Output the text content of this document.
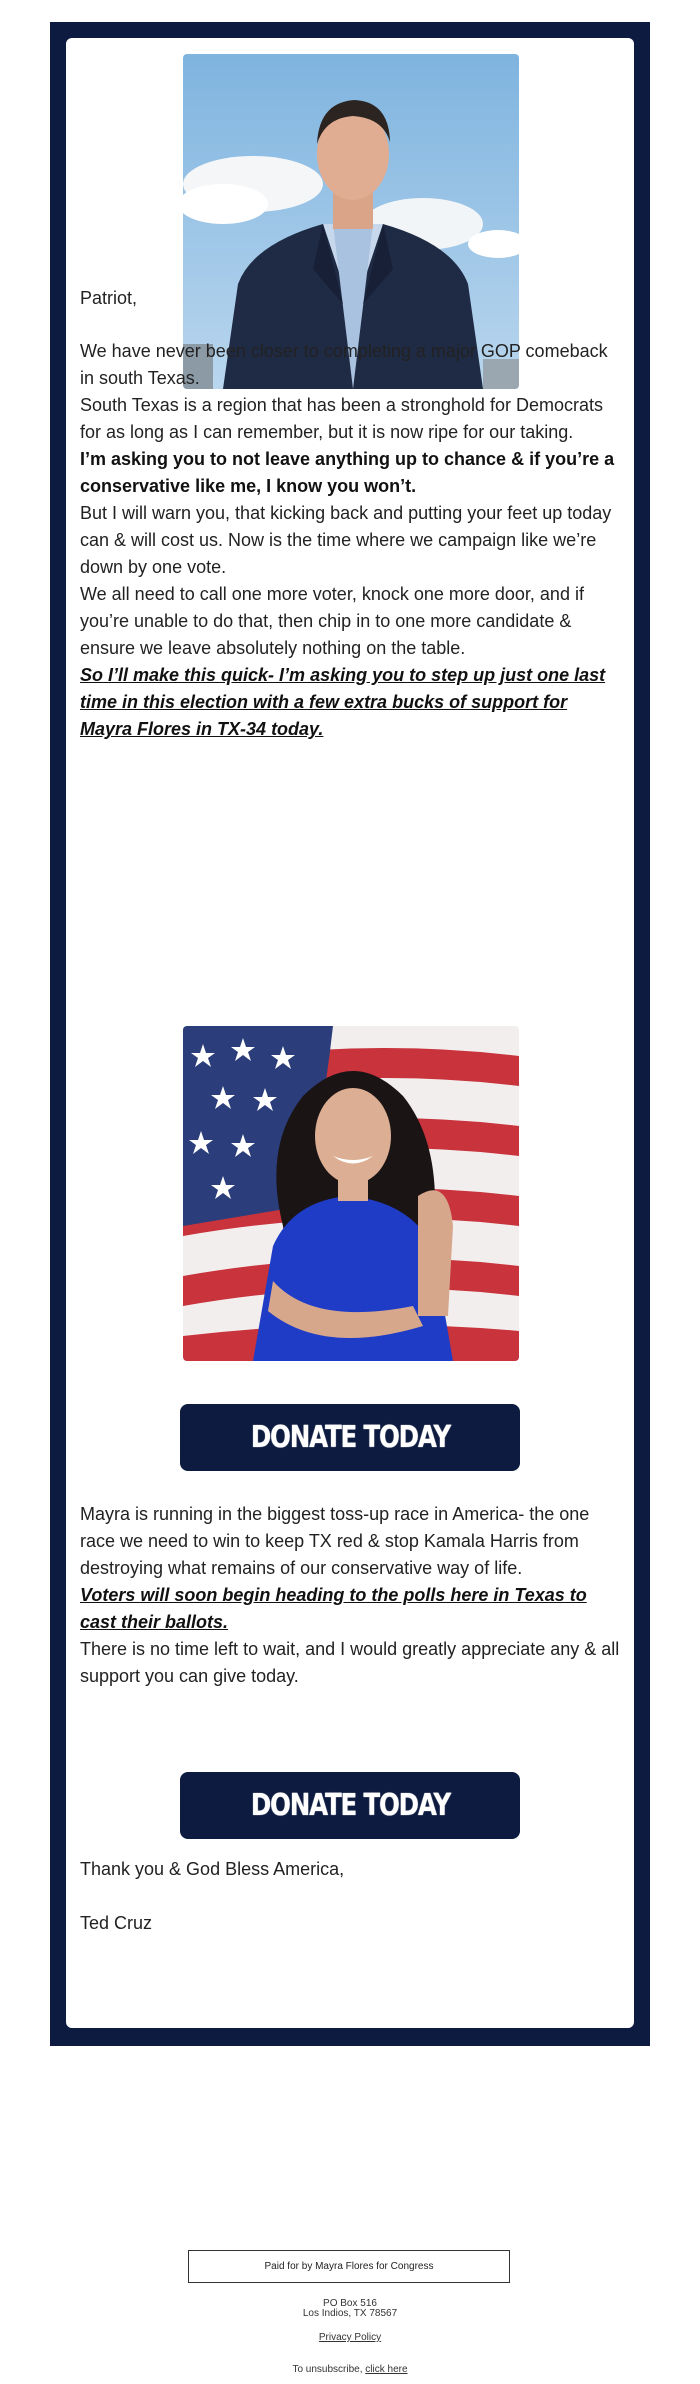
Patriot,

We have never been closer to completing a major GOP comeback in south Texas.

South Texas is a region that has been a stronghold for Democrats for as long as I can remember, but it is now ripe for our taking.

I’m asking you to not leave anything up to chance & if you’re a conservative like me, I know you won’t.

But I will warn you, that kicking back and putting your feet up today can & will cost us. Now is the time where we campaign like we’re down by one vote.

We all need to call one more voter, knock one more door, and if you’re unable to do that, then chip in to one more candidate & ensure we leave absolutely nothing on the table.

So I’ll make this quick- I’m asking you to step up just one last time in this election with a few extra bucks of support for Mayra Flores in TX-34 today.

DONATE TODAY

Mayra is running in the biggest toss-up race in America- the one race we need to win to keep TX red & stop Kamala Harris from destroying what remains of our conservative way of life.

Voters will soon begin heading to the polls here in Texas to cast their ballots.

There is no time left to wait, and I would greatly appreciate any & all support you can give today.

DONATE TODAY

Thank you & God Bless America,

Ted Cruz

Paid for by Mayra Flores for Congress
PO Box 516
Los Indios, TX 78567
Privacy Policy
To unsubscribe, click here
